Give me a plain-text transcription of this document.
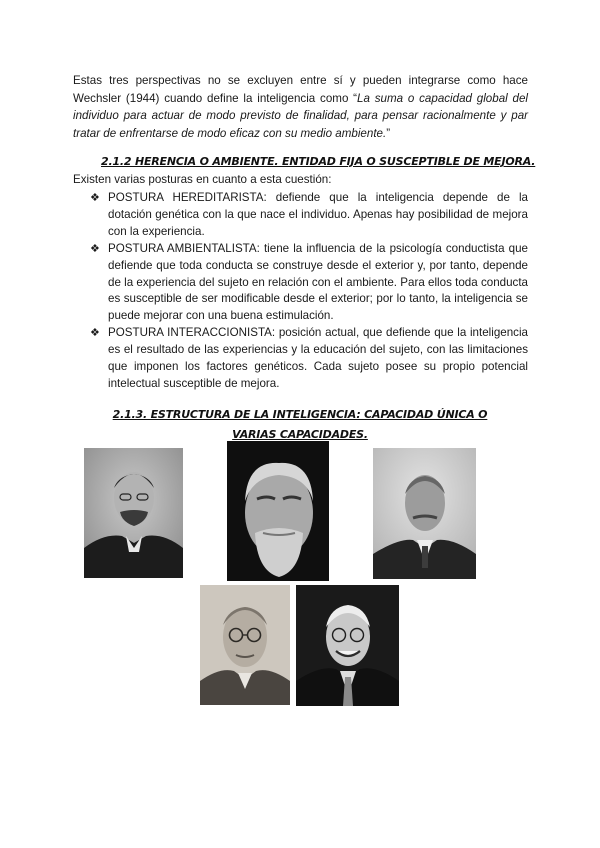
Estas tres perspectivas no se excluyen entre sí y pueden integrarse como hace Wechsler (1944) cuando define la inteligencia como “La suma o capacidad global del individuo para actuar de modo previsto de finalidad, para pensar racionalmente y par tratar de enfrentarse de modo eficaz con su medio ambiente.”

2.1.2 HERENCIA O AMBIENTE. ENTIDAD FIJA O SUSCEPTIBLE DE MEJORA.

Existen varias posturas en cuanto a esta cuestión:

❖ POSTURA HEREDITARISTA: defiende que la inteligencia depende de la dotación genética con la que nace el individuo. Apenas hay posibilidad de mejora con la experiencia.
❖ POSTURA AMBIENTALISTA: tiene la influencia de la psicología conductista que defiende que toda conducta se construye desde el exterior y, por tanto, depende de la experiencia del sujeto en relación con el ambiente. Para ellos toda conducta es susceptible de ser modificable desde el exterior; por lo tanto, la inteligencia se puede mejorar con una buena estimulación.
❖ POSTURA INTERACCIONISTA: posición actual, que defiende que la inteligencia es el resultado de las experiencias y la educación del sujeto, con las limitaciones que imponen los factores genéticos. Cada sujeto posee su propio potencial intelectual susceptible de mejora.
2.1.3. ESTRUCTURA DE LA INTELIGENCIA: CAPACIDAD ÚNICA O VARIAS CAPACIDADES.
